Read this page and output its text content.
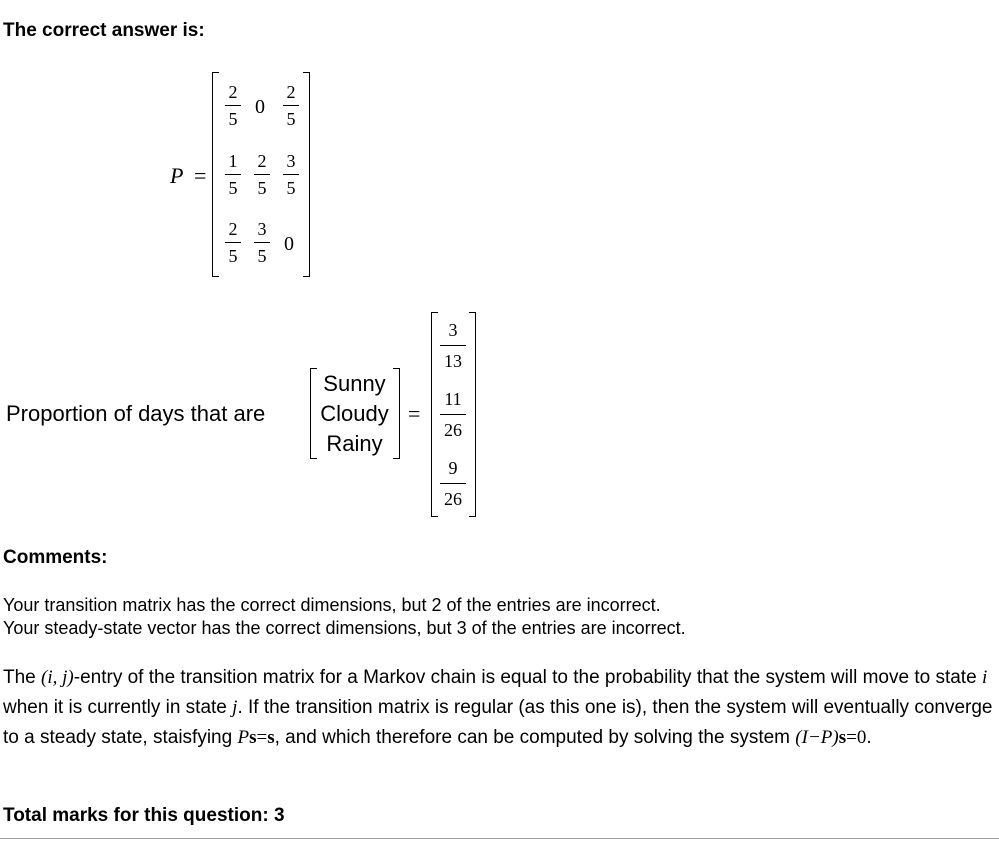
The correct answer is:
P =
2
5
0
2
5
1
5
2
5
3
5
2
5
3
5
0
Proportion of days that are
Sunny
Cloudy
Rainy
=
3
13
11
26
9
26
Comments:
Your transition matrix has the correct dimensions, but 2 of the entries are incorrect.
Your steady-state vector has the correct dimensions, but 3 of the entries are incorrect.
The (i, j)-entry of the transition matrix for a Markov chain is equal to the probability that the system will move to state i when it is currently in state j. If the transition matrix is regular (as this one is), then the system will eventually converge to a steady state, staisfying Ps=s, and which therefore can be computed by solving the system (I−P)s=0.
Total marks for this question: 3
